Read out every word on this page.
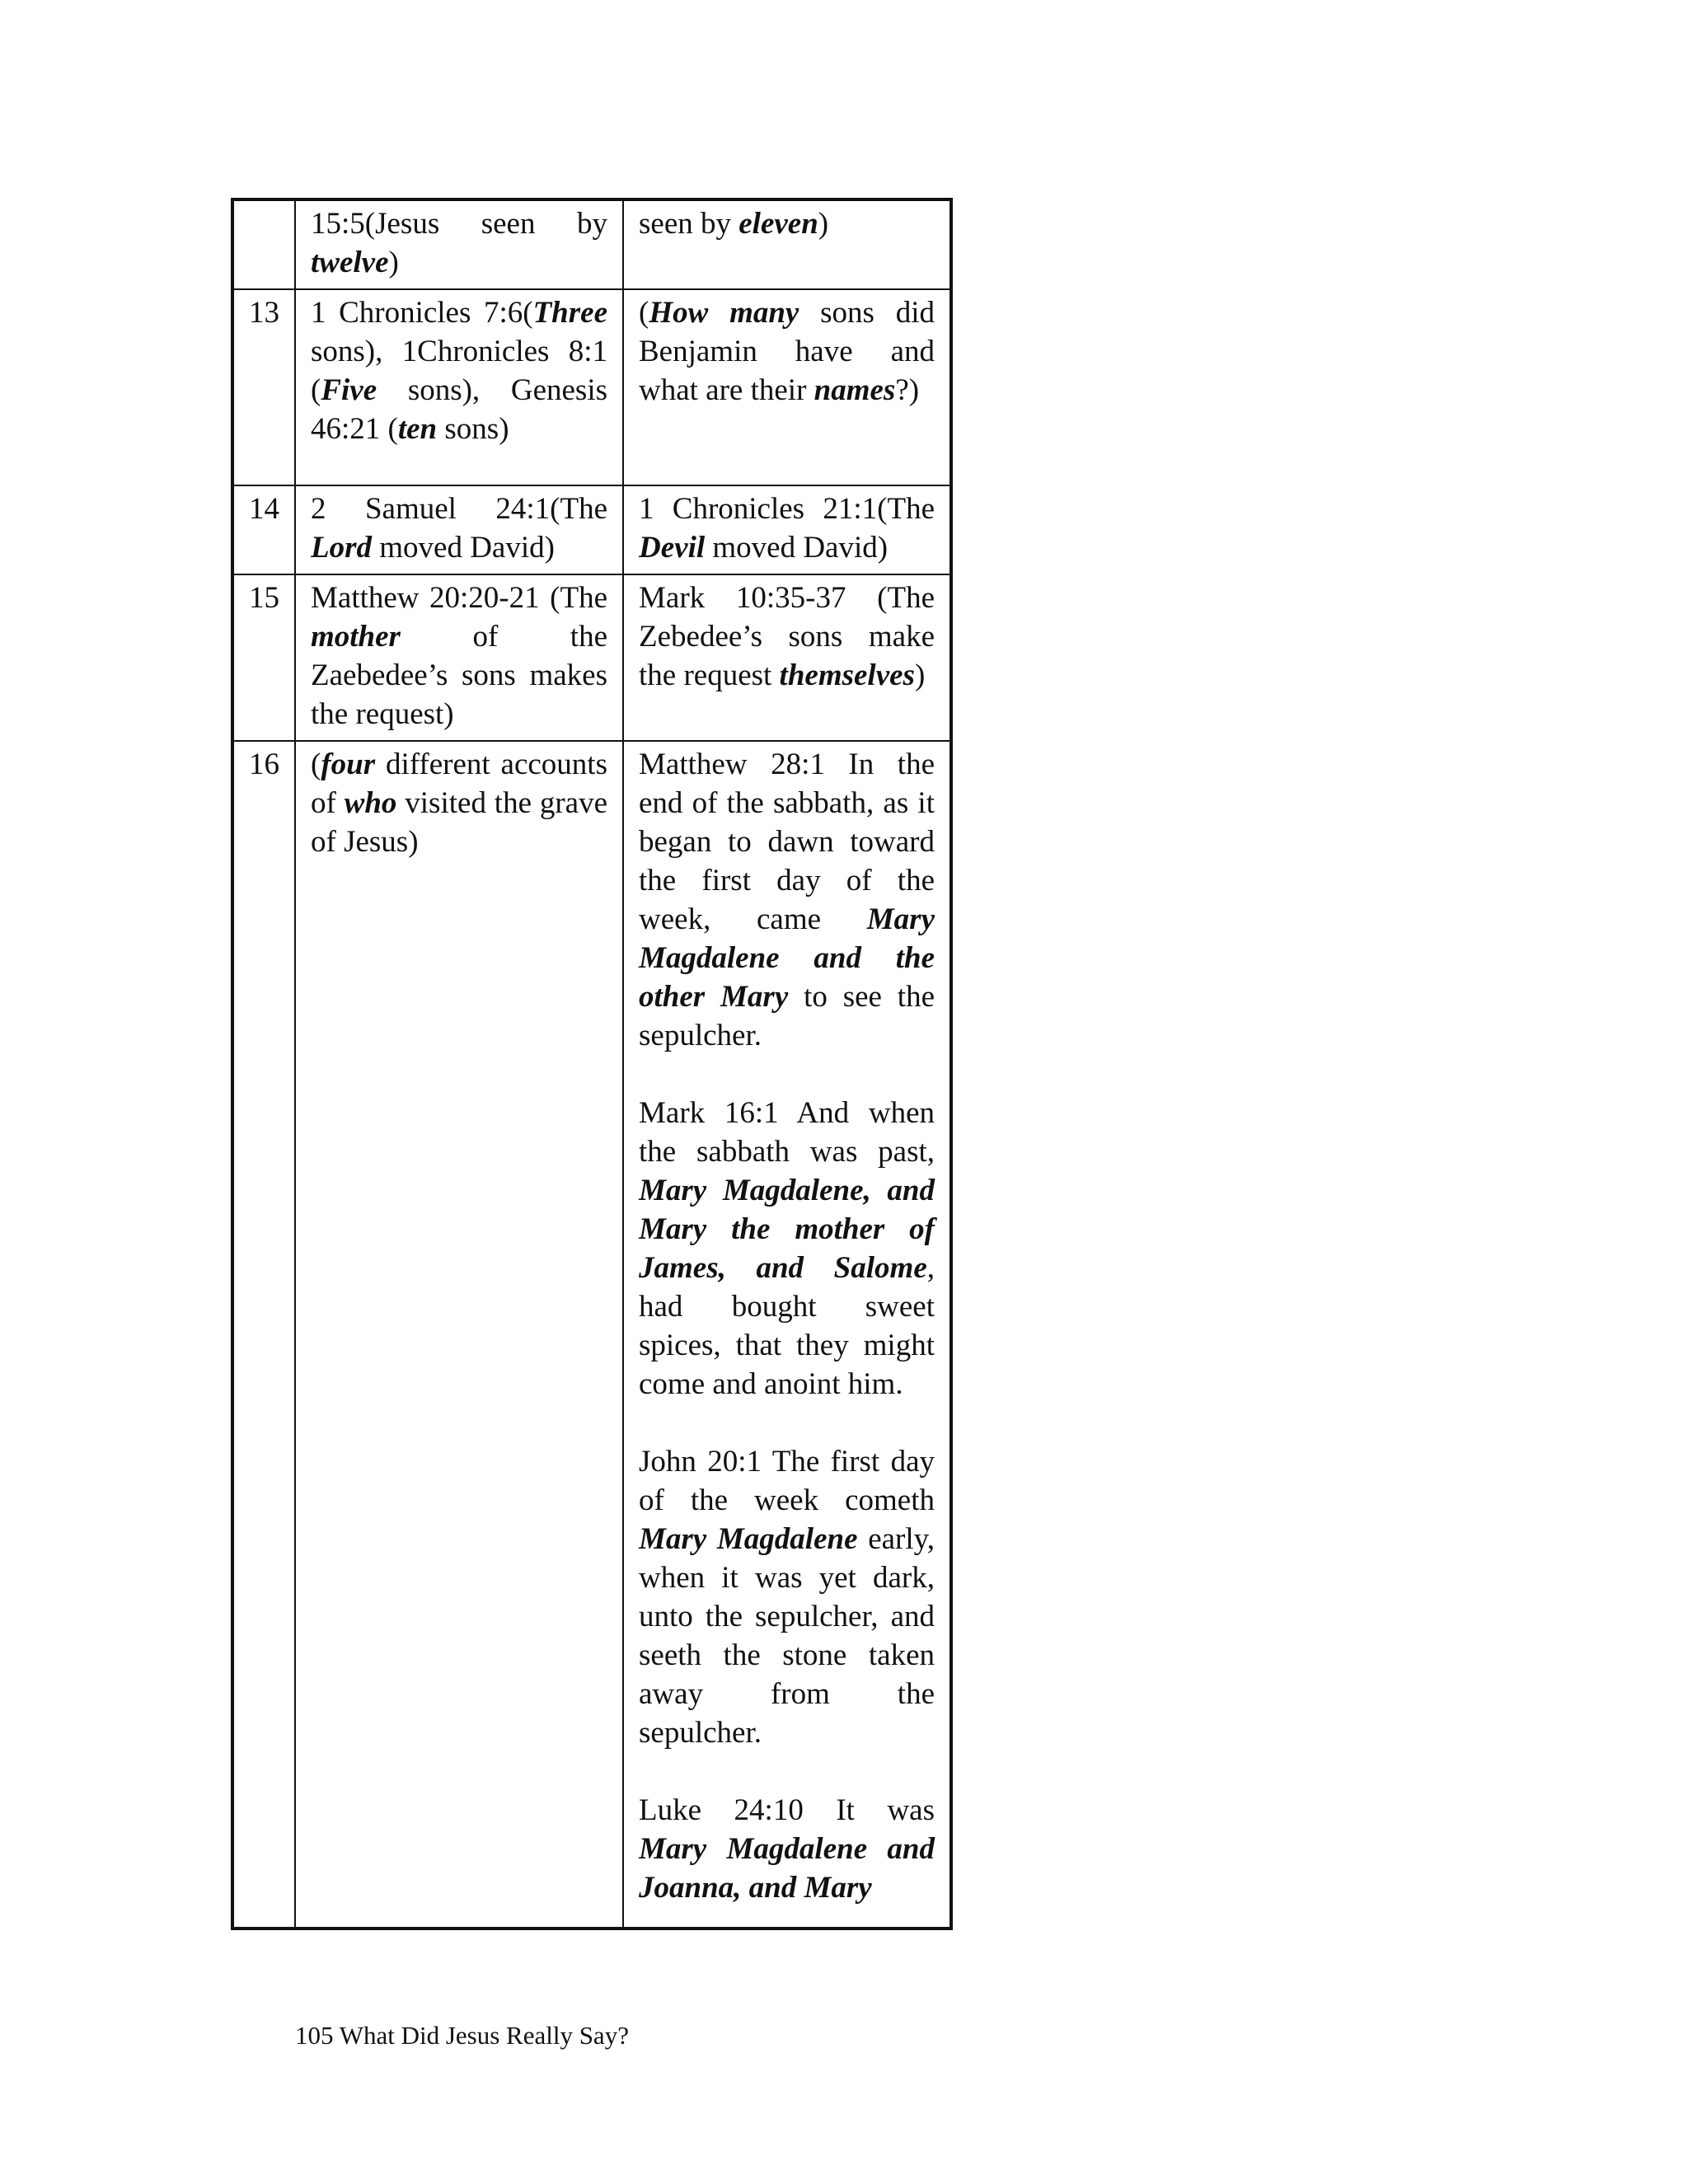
	15:5(Jesus seen by twelve)	seen by eleven)

13	1 Chronicles 7:6(Three sons), 1Chronicles 8:1 (Five sons), Genesis 46:21 (ten sons)	(How many sons did Benjamin have and what are their names?)

14	2 Samuel 24:1(The Lord moved David)	1 Chronicles 21:1(The Devil moved David)

15	Matthew 20:20-21 (The mother of the Zaebedee’s sons makes the request)	Mark 10:35-37 (The Zebedee’s sons make the request themselves)

16	(four different accounts of who visited the grave of Jesus)	Matthew 28:1 In the end of the sabbath, as it began to dawn toward the first day of the week, came Mary Magdalene and the other Mary to see the sepulcher.
Mark 16:1 And when the sabbath was past, Mary Magdalene, and Mary the mother of James, and Salome, had bought sweet spices, that they might come and anoint him.
John 20:1 The first day of the week cometh Mary Magdalene early, when it was yet dark, unto the sepulcher, and seeth the stone taken away from the sepulcher.
Luke 24:10 It was Mary Magdalene and Joanna, and Mary
105 What Did Jesus Really Say?
